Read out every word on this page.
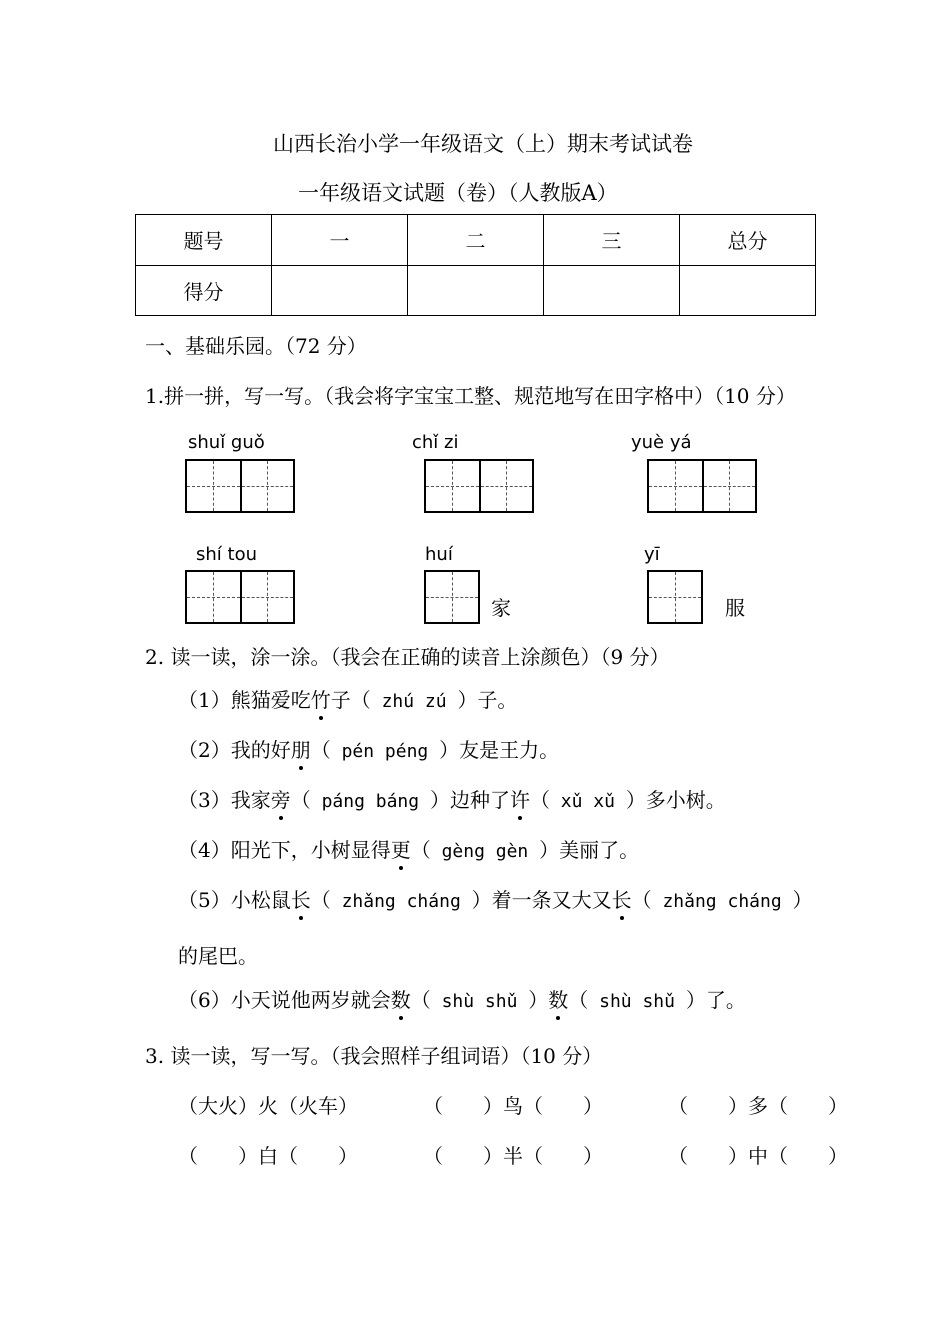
山西长治小学一年级语文（上）期末考试试卷
一年级语文试题（卷）（人教版A）
题号	一	二	三	总分
得分				
一、基础乐园。（72 分）
1.拼一拼，写一写。（我会将字宝宝工整、规范地写在田字格中）（10 分）
shuǐ guǒ	chǐ zi	yuè yá
shí tou	huí
家
yī
服
2. 读一读，涂一涂。（我会在正确的读音上涂颜色）（9 分）
（1）熊猫爱吃竹子（ zhú zú ）子。
（2）我的好朋（ pén péng ）友是王力。
（3）我家旁（ páng báng ）边种了许（ xǔ xǔ ）多小树。
（4）阳光下，小树显得更（ gèng gèn ）美丽了。
（5）小松鼠长（ zhǎng cháng ）着一条又大又长（ zhǎng cháng ）
的尾巴。
（6）小天说他两岁就会数（ shù shǔ ）数（ shù shǔ ）了。
3. 读一读，写一写。（我会照样子组词语）（10 分）
（大火）火（火车）	（　　）鸟（　　）	（　　）多（　　）
（　　）白（　　）	（　　）半（　　）	（　　）中（　　）
